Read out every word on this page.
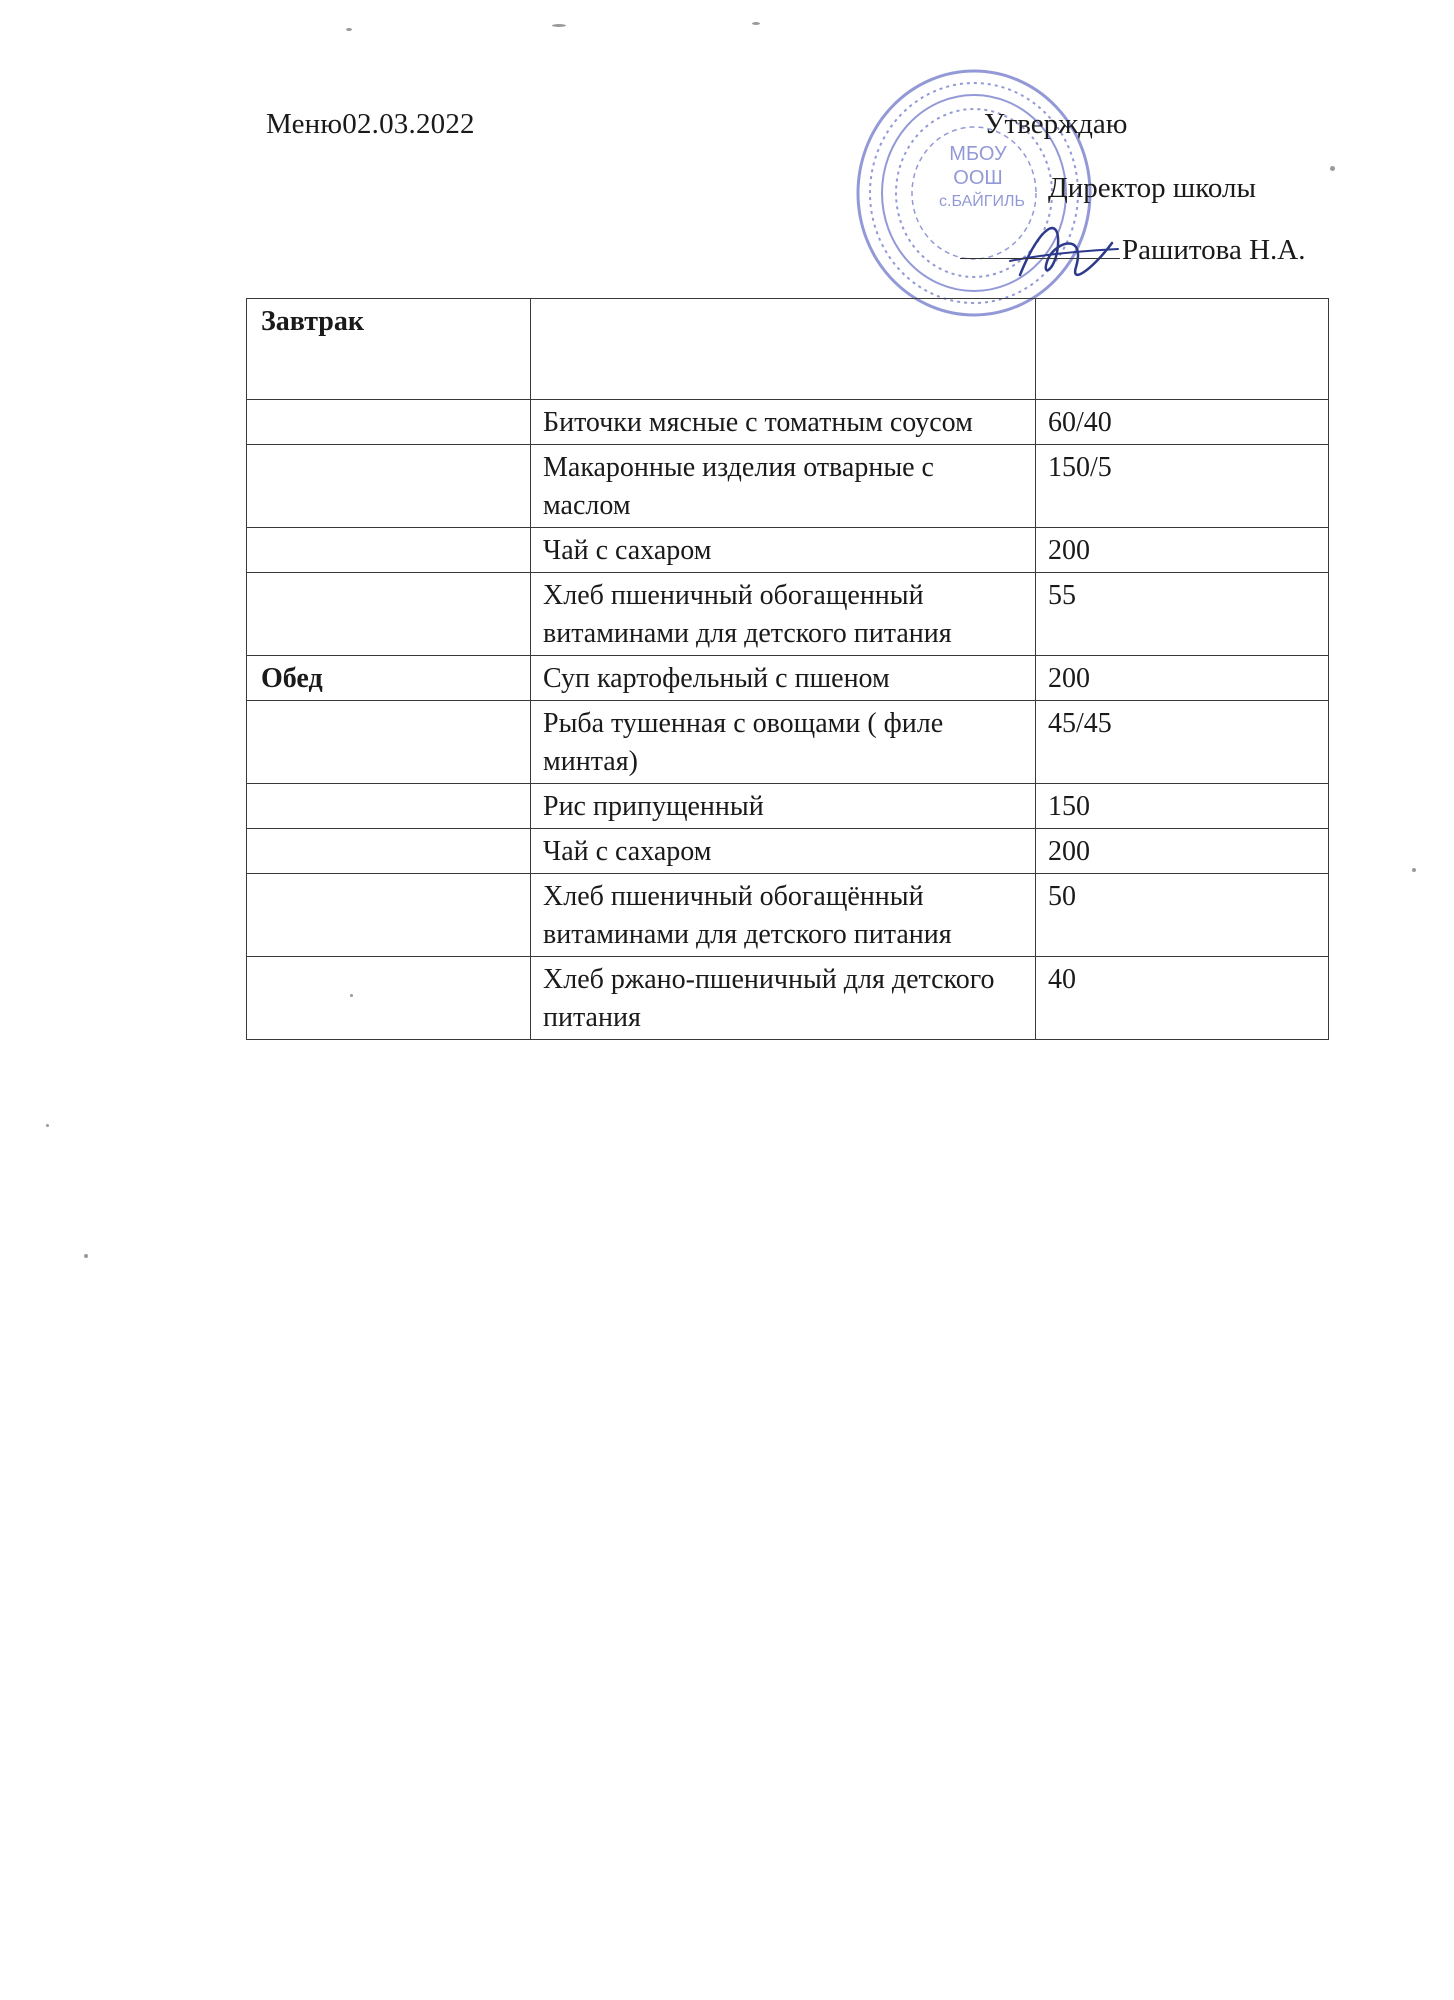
Меню02.03.2022
МБОУ
ООШ
с.БАЙГИЛЬ
Утверждаю
Директор школы
Рашитова Н.А.
Завтрак		
	Биточки мясные с томатным соусом	60/40
	Макаронные изделия отварные с маслом	150/5
	Чай с сахаром	200
	Хлеб пшеничный обогащенный витаминами для детского питания	55
Обед	Суп картофельный с пшеном	200
	Рыба тушенная с овощами ( филе минтая)	45/45
	Рис припущенный	150
	Чай с сахаром	200
	Хлеб пшеничный обогащённый витаминами для детского питания	50
	Хлеб ржано-пшеничный для детского питания	40
